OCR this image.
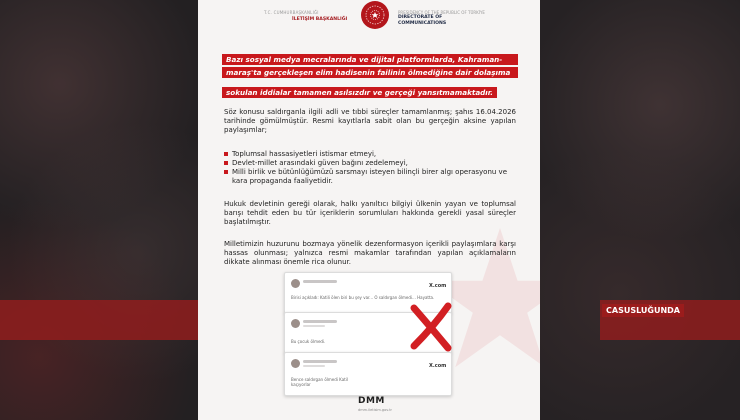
CASUSLUĞUNDA
T.C. CUMHURBAŞKANLIĞI
İLETİŞİM BAŞKANLIĞI
PRESIDENCY OF THE REPUBLIC OF TÜRKİYE
DIRECTORATE OF
COMMUNICATIONS
Bazı sosyal medya mecralarında ve dijital platformlarda, Kahraman-
maraş'ta gerçekleşen elim hadisenin failinin ölmediğine dair dolaşıma
sokulan iddialar tamamen asılsızdır ve gerçeği yansıtmamaktadır.
Söz konusu saldırganla ilgili adli ve tıbbi süreçler tamamlanmış; şahıs 16.04.2026 tarihinde gömülmüştür. Resmi kayıtlarla sabit olan bu gerçeğin aksine yapılan paylaşımlar;
Toplumsal hassasiyetleri istismar etmeyi,
Devlet-millet arasındaki güven bağını zedelemeyi,
Milli birlik ve bütünlüğümüzü sarsmayı isteyen bilinçli birer algı operasyonu ve kara propaganda faaliyetidir.
Hukuk devletinin gereği olarak, halkı yanıltıcı bilgiyi ülkenin yayan ve toplumsal barışı tehdit eden bu tür içeriklerin sorumluları hakkında gerekli yasal süreçler başlatılmıştır.
Milletimizin huzurunu bozmaya yönelik dezenformasyon içerikli paylaşımlara karşı hassas olunması; yalnızca resmi makamlar tarafından yapılan açıklamaların dikkate alınması önemle rica olunur.
X.com
Birisi açıkladı: Katili ölen biri bu şey var... O saldırgan ölmedi... Hayatta.
Bu çocuk ölmedi.
X.com
Bence saldırgan ölmedi Katil kaçıyorlar
DMM
dmm.iletisim.gov.tr
